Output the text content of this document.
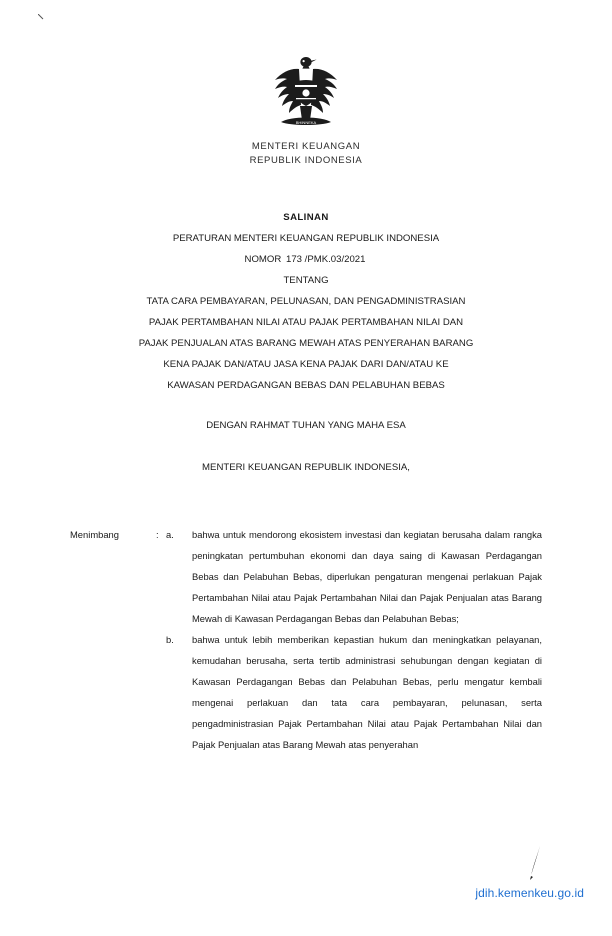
BHINNEKA
MENTERI KEUANGAN
REPUBLIK INDONESIA
SALINAN
PERATURAN MENTERI KEUANGAN REPUBLIK INDONESIA
NOMOR 173 /PMK.03/2021
TENTANG
TATA CARA PEMBAYARAN, PELUNASAN, DAN PENGADMINISTRASIAN
PAJAK PERTAMBAHAN NILAI ATAU PAJAK PERTAMBAHAN NILAI DAN
PAJAK PENJUALAN ATAS BARANG MEWAH ATAS PENYERAHAN BARANG
KENA PAJAK DAN/ATAU JASA KENA PAJAK DARI DAN/ATAU KE
KAWASAN PERDAGANGAN BEBAS DAN PELABUHAN BEBAS
DENGAN RAHMAT TUHAN YANG MAHA ESA
MENTERI KEUANGAN REPUBLIK INDONESIA,
Menimbang	: a.	bahwa untuk mendorong ekosistem investasi dan kegiatan berusaha dalam rangka peningkatan pertumbuhan ekonomi dan daya saing di Kawasan Perdagangan Bebas dan Pelabuhan Bebas, diperlukan pengaturan mengenai perlakuan Pajak Pertambahan Nilai atau Pajak Pertambahan Nilai dan Pajak Penjualan atas Barang Mewah di Kawasan Perdagangan Bebas dan Pelabuhan Bebas;
b.	bahwa untuk lebih memberikan kepastian hukum dan meningkatkan pelayanan, kemudahan berusaha, serta tertib administrasi sehubungan dengan kegiatan di Kawasan Perdagangan Bebas dan Pelabuhan Bebas, perlu mengatur kembali mengenai perlakuan dan tata cara pembayaran, pelunasan, serta pengadministrasian Pajak Pertambahan Nilai atau Pajak Pertambahan Nilai dan Pajak Penjualan atas Barang Mewah atas penyerahan
jdih.kemenkeu.go.id
